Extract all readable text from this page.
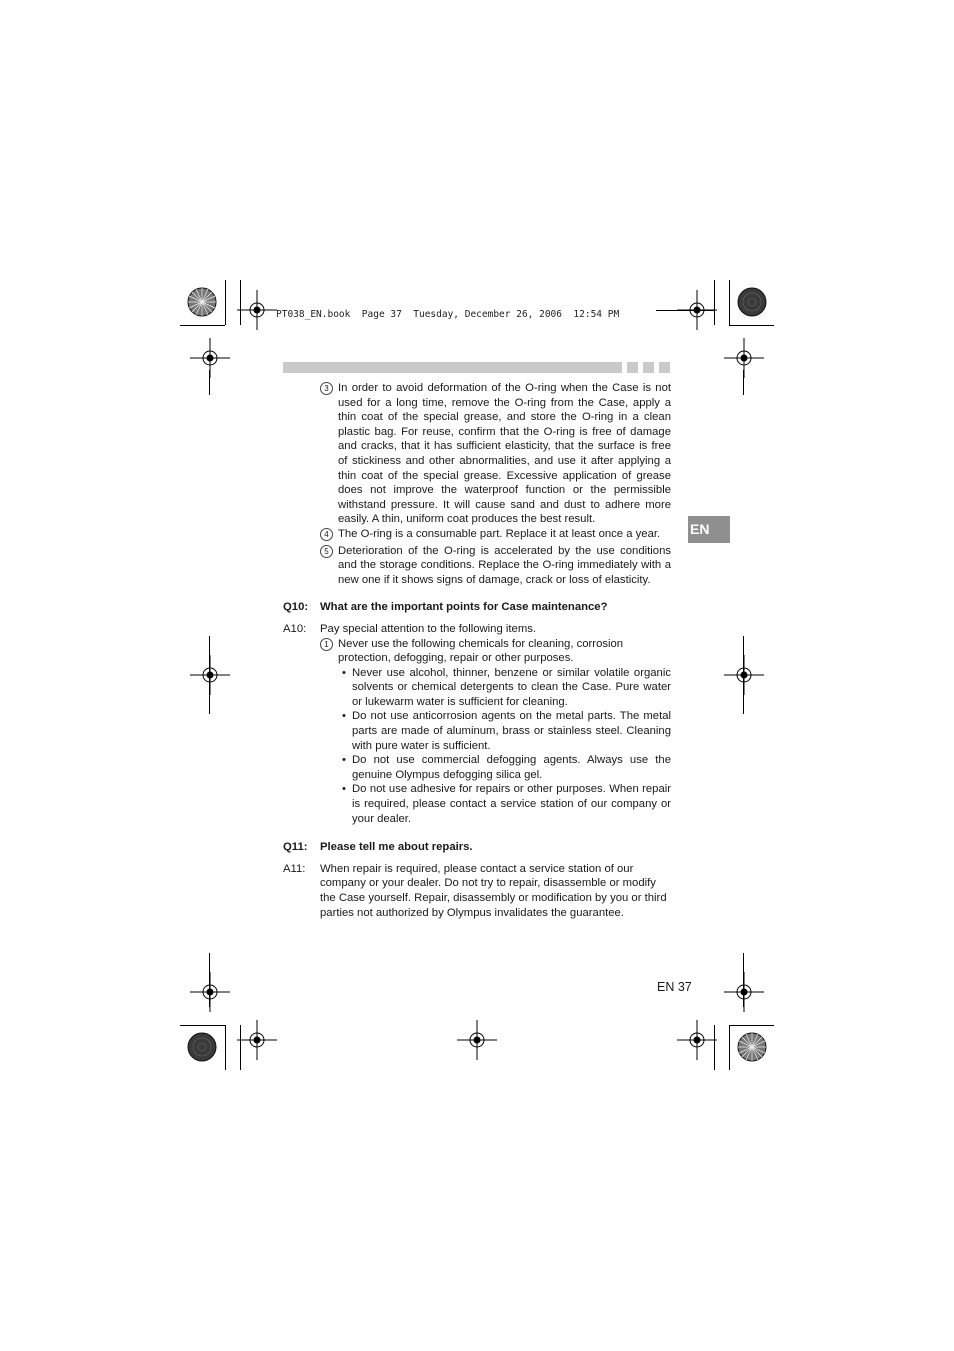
PT038_EN.book  Page 37  Tuesday, December 26, 2006  12:54 PM
EN
3 In order to avoid deformation of the O-ring when the Case is not used for a long time, remove the O-ring from the Case, apply a thin coat of the special grease, and store the O-ring in a clean plastic bag. For reuse, confirm that the O-ring is free of damage and cracks, that it has sufficient elasticity, that the surface is free of stickiness and other abnormalities, and use it after applying a thin coat of the special grease. Excessive application of grease does not improve the waterproof function or the permissible withstand pressure. It will cause sand and dust to adhere more easily. A thin, uniform coat produces the best result.
4 The O-ring is a consumable part. Replace it at least once a year.
5 Deterioration of the O-ring is accelerated by the use conditions and the storage conditions. Replace the O-ring immediately with a new one if it shows signs of damage, crack or loss of elasticity.
Q10:	What are the important points for Case maintenance?
A10:	Pay special attention to the following items.
1 Never use the following chemicals for cleaning, corrosion protection, defogging, repair or other purposes.
• Never use alcohol, thinner, benzene or similar volatile organic solvents or chemical detergents to clean the Case. Pure water or lukewarm water is sufficient for cleaning.
• Do not use anticorrosion agents on the metal parts. The metal parts are made of aluminum, brass or stainless steel. Cleaning with pure water is sufficient.
• Do not use commercial defogging agents. Always use the genuine Olympus defogging silica gel.
• Do not use adhesive for repairs or other purposes. When repair is required, please contact a service station of our company or your dealer.
Q11:	Please tell me about repairs.
A11:	When repair is required, please contact a service station of our company or your dealer. Do not try to repair, disassemble or modify the Case yourself. Repair, disassembly or modification by you or third parties not authorized by Olympus invalidates the guarantee.
EN 37
